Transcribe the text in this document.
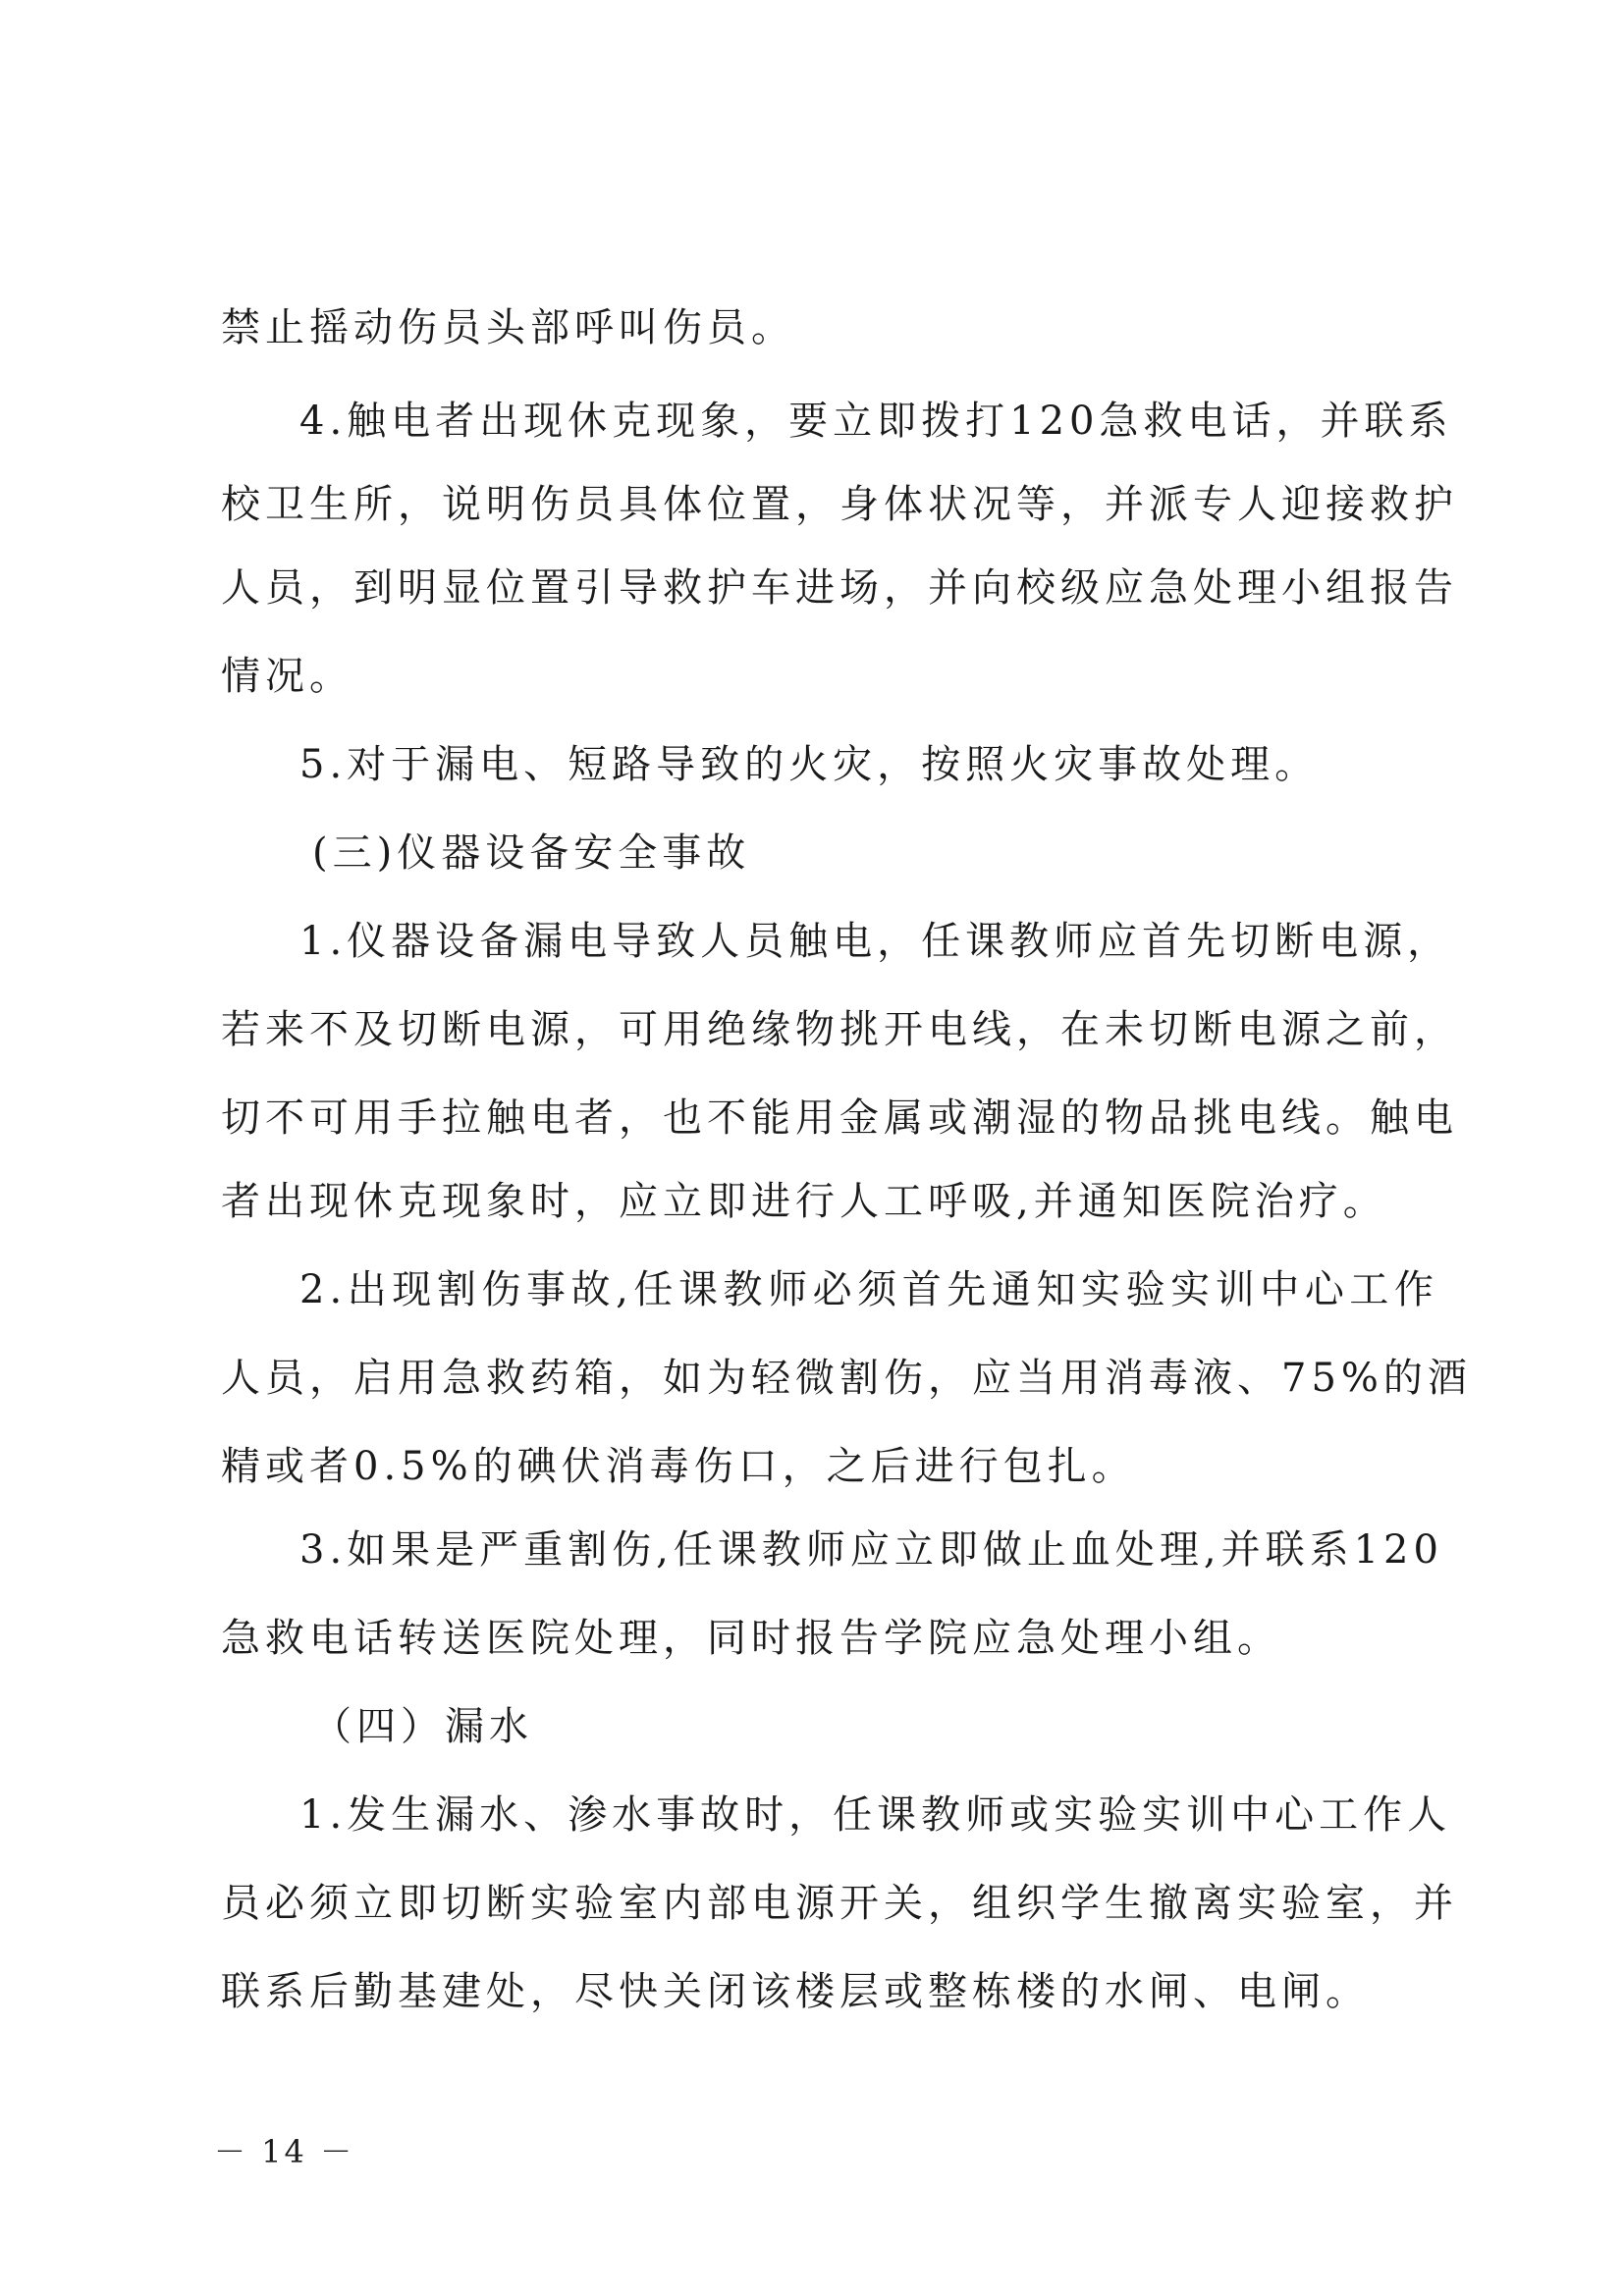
禁止摇动伤员头部呼叫伤员。
4.触电者出现休克现象，要立即拨打120急救电话，并联系
校卫生所，说明伤员具体位置，身体状况等，并派专人迎接救护
人员，到明显位置引导救护车进场，并向校级应急处理小组报告
情况。
5.对于漏电、短路导致的火灾，按照火灾事故处理。
(三)仪器设备安全事故
1.仪器设备漏电导致人员触电，任课教师应首先切断电源，
若来不及切断电源，可用绝缘物挑开电线，在未切断电源之前，
切不可用手拉触电者，也不能用金属或潮湿的物品挑电线。触电
者出现休克现象时，应立即进行人工呼吸,并通知医院治疗。
2.出现割伤事故,任课教师必须首先通知实验实训中心工作
人员，启用急救药箱，如为轻微割伤，应当用消毒液、75%的酒
精或者0.5%的碘伏消毒伤口，之后进行包扎。
3.如果是严重割伤,任课教师应立即做止血处理,并联系120
急救电话转送医院处理，同时报告学院应急处理小组。
（四）漏水
1.发生漏水、渗水事故时，任课教师或实验实训中心工作人
员必须立即切断实验室内部电源开关，组织学生撤离实验室，并
联系后勤基建处，尽快关闭该楼层或整栋楼的水闸、电闸。
－ 14 －
